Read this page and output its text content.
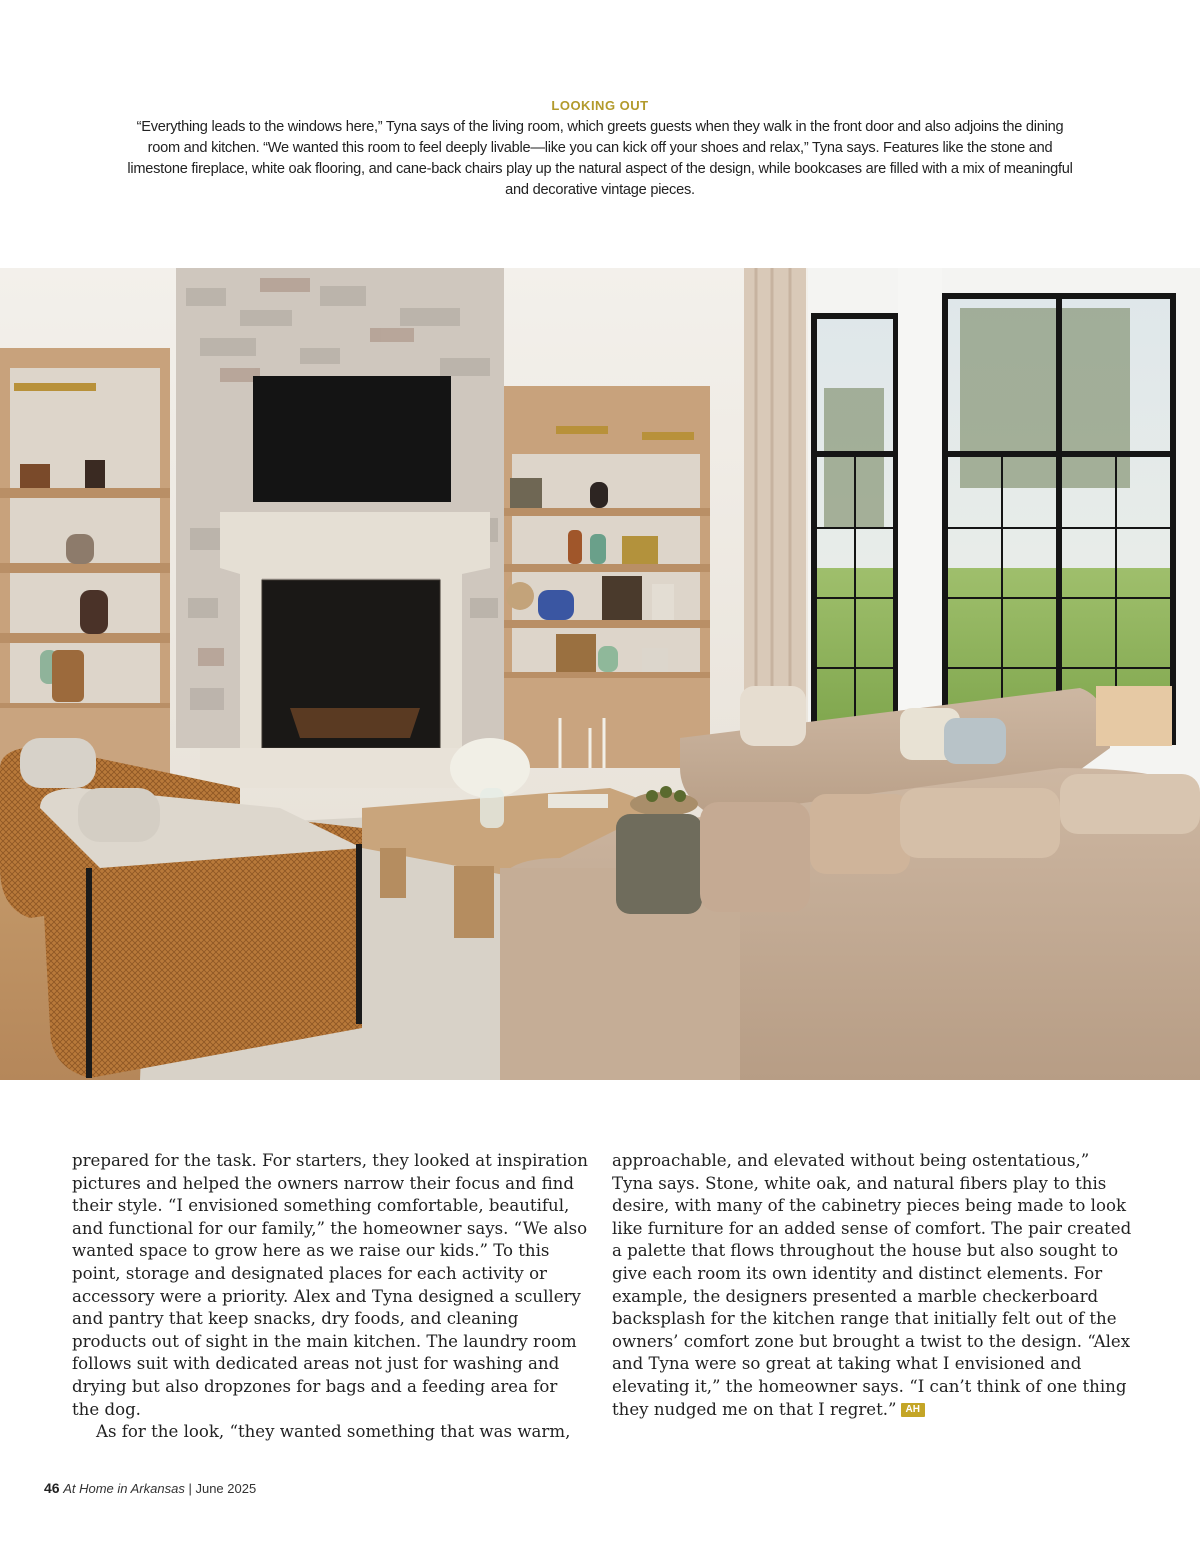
LOOKING OUT
“Everything leads to the windows here,” Tyna says of the living room, which greets guests when they walk in the front door and also adjoins the dining room and kitchen. “We wanted this room to feel deeply livable—like you can kick off your shoes and relax,” Tyna says. Features like the stone and limestone fireplace, white oak flooring, and cane-back chairs play up the natural aspect of the design, while bookcases are filled with a mix of meaningful and decorative vintage pieces.

prepared for the task. For starters, they looked at inspiration pictures and helped the owners narrow their focus and find their style. “I envisioned something comfortable, beautiful, and functional for our family,” the homeowner says. “We also wanted space to grow here as we raise our kids.” To this point, storage and designated places for each activity or accessory were a priority. Alex and Tyna designed a scullery and pantry that keep snacks, dry foods, and cleaning products out of sight in the main kitchen. The laundry room follows suit with dedicated areas not just for washing and drying but also dropzones for bags and a feeding area for the dog.

As for the look, “they wanted something that was warm,

approachable, and elevated without being ostentatious,” Tyna says. Stone, white oak, and natural fibers play to this desire, with many of the cabinetry pieces being made to look like furniture for an added sense of comfort. The pair created a palette that flows throughout the house but also sought to give each room its own identity and distinct elements. For example, the designers presented a marble checkerboard backsplash for the kitchen range that initially felt out of the owners’ comfort zone but brought a twist to the design. “Alex and Tyna were so great at taking what I envisioned and elevating it,” the homeowner says. “I can’t think of one thing they nudged me on that I regret.” AH

46 At Home in Arkansas | June 2025
